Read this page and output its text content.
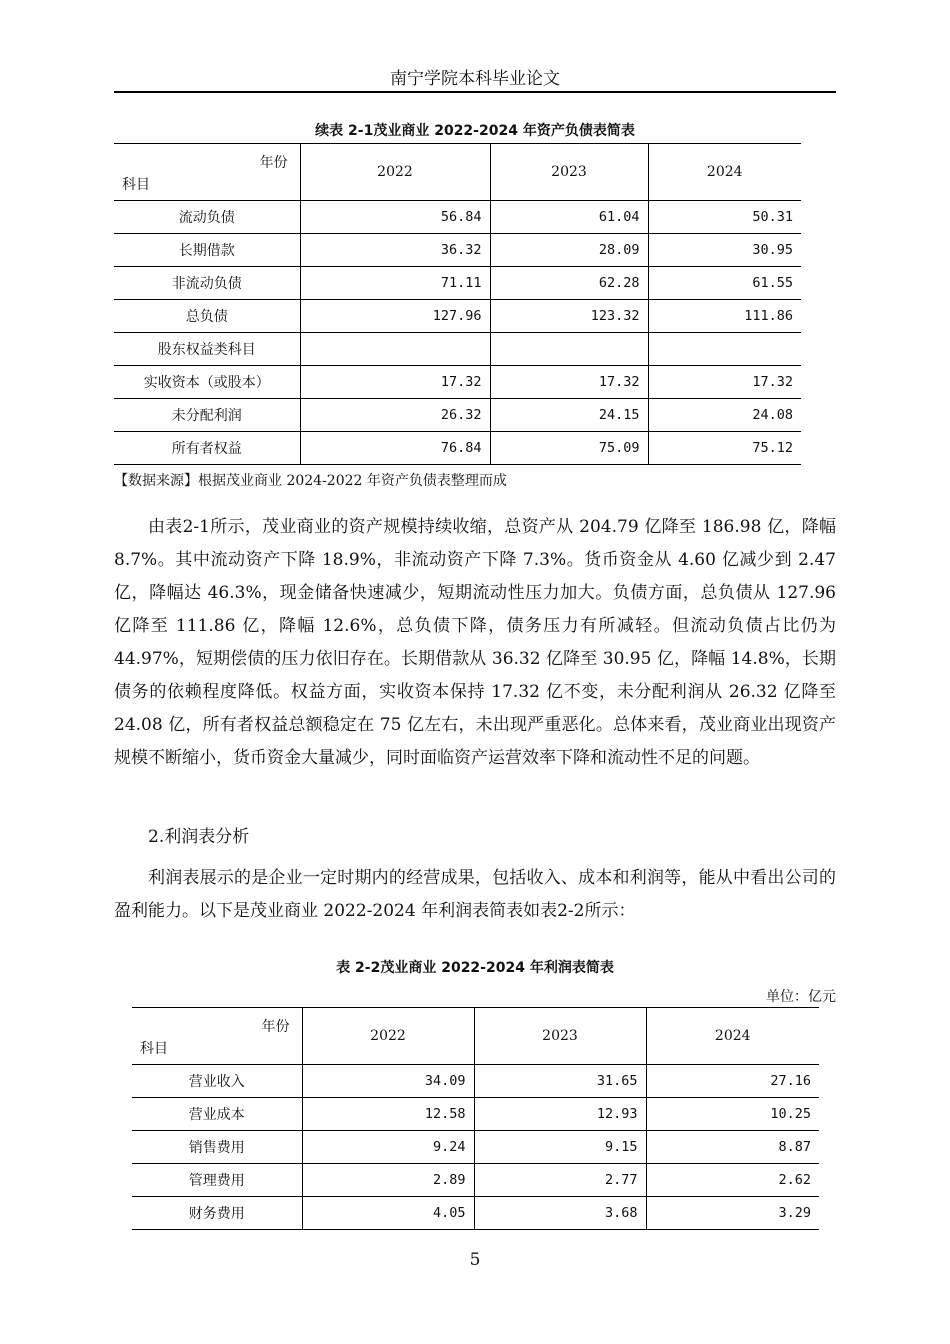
南宁学院本科毕业论文
续表 2-1茂业商业 2022-2024 年资产负债表简表
年份
科目	2022	2023	2024
流动负债	56.84	61.04	50.31
长期借款	36.32	28.09	30.95
非流动负债	71.11	62.28	61.55
总负债	127.96	123.32	111.86
股东权益类科目			
实收资本（或股本）	17.32	17.32	17.32
未分配利润	26.32	24.15	24.08
所有者权益	76.84	75.09	75.12
【数据来源】根据茂业商业 2024-2022 年资产负债表整理而成

由表2-1所示，茂业商业的资产规模持续收缩，总资产从 204.79 亿降至 186.98 亿，降幅 8.7%。其中流动资产下降 18.9%，非流动资产下降 7.3%。货币资金从 4.60 亿减少到 2.47 亿，降幅达 46.3%，现金储备快速减少，短期流动性压力加大。负债方面，总负债从 127.96 亿降至 111.86 亿，降幅 12.6%，总负债下降，债务压力有所减轻。但流动负债占比仍为 44.97%，短期偿债的压力依旧存在。长期借款从 36.32 亿降至 30.95 亿，降幅 14.8%，长期债务的依赖程度降低。权益方面，实收资本保持 17.32 亿不变，未分配利润从 26.32 亿降至 24.08 亿，所有者权益总额稳定在 75 亿左右，未出现严重恶化。总体来看，茂业商业出现资产规模不断缩小，货币资金大量减少，同时面临资产运营效率下降和流动性不足的问题。

2.利润表分析

利润表展示的是企业一定时期内的经营成果，包括收入、成本和利润等，能从中看出公司的盈利能力。以下是茂业商业 2022-2024 年利润表简表如表2-2所示：

表 2-2茂业商业 2022-2024 年利润表简表
单位：亿元
年份
科目	2022	2023	2024
营业收入	34.09	31.65	27.16
营业成本	12.58	12.93	10.25
销售费用	9.24	9.15	8.87
管理费用	2.89	2.77	2.62
财务费用	4.05	3.68	3.29
5
